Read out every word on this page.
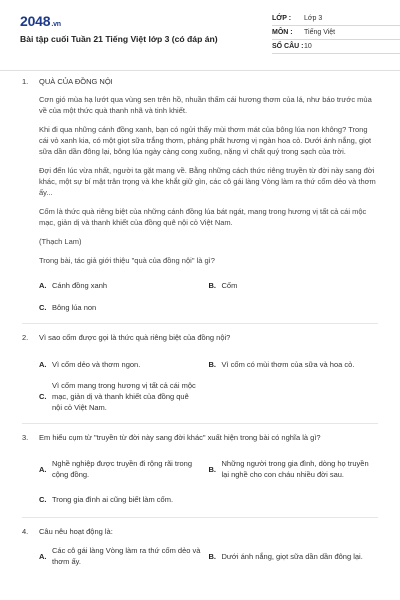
2048.vn
Bài tập cuối Tuần 21 Tiếng Việt lớp 3 (có đáp án)
LỚP :	Lớp 3
MÔN :	Tiếng Việt
SỐ CÂU : 10
1.	QUÀ CỦA ĐỒNG NỘI

Cơn gió mùa hạ lướt qua vùng sen trên hồ, nhuần thấm cái hương thơm của lá, như báo trước mùa về của một thức quà thanh nhã và tinh khiết.

Khi đi qua những cánh đồng xanh, bạn có ngửi thấy mùi thơm mát của bông lúa non không? Trong cái vỏ xanh kia, có một giọt sữa trắng thơm, phảng phất hương vị ngàn hoa cỏ. Dưới ánh nắng, giọt sữa dần dần đông lại, bông lúa ngày càng cong xuống, nặng vì chất quý trong sạch của trời.

Đợi đến lúc vừa nhất, người ta gặt mang về. Bằng những cách thức riêng truyền từ đời này sang đời khác, một sự bí mật trân trọng và khe khắt giữ gìn, các cô gái làng Vòng làm ra thứ cốm dẻo và thơm ấy...

Cốm là thức quà riêng biệt của những cánh đồng lúa bát ngát, mang trong hương vị tất cả cái mộc mạc, giản dị và thanh khiết của đồng quê nội cỏ Việt Nam.

(Thạch Lam)

Trong bài, tác giả giới thiệu "quà của đồng nội" là gì?

A. Cánh đồng xanh	B. Cốm
C. Bông lúa non
2.	Vì sao cốm được gọi là thức quà riêng biệt của đồng nội?
A. Vì cốm dẻo và thơm ngon.	B. Vì cốm có mùi thơm của sữa và hoa cỏ.
C.
Vì cốm mang trong hương vị tất cả cái mộc mạc, giản dị và thanh khiết của đồng quê nội cỏ Việt Nam.
3.	Em hiểu cụm từ "truyền từ đời này sang đời khác" xuất hiện trong bài có nghĩa là gì?
A.
Nghề nghiệp được truyền đi rộng rãi trong cộng đồng.
B.
Những người trong gia đình, dòng họ truyền lại nghề cho con cháu nhiều đời sau.
C. Trong gia đình ai cũng biết làm cốm.
4.	Câu nêu hoạt động là:
A.
Các cô gái làng Vòng làm ra thứ cốm dẻo và thơm ấy.
B. Dưới ánh nắng, giọt sữa dần dần đông lại.
